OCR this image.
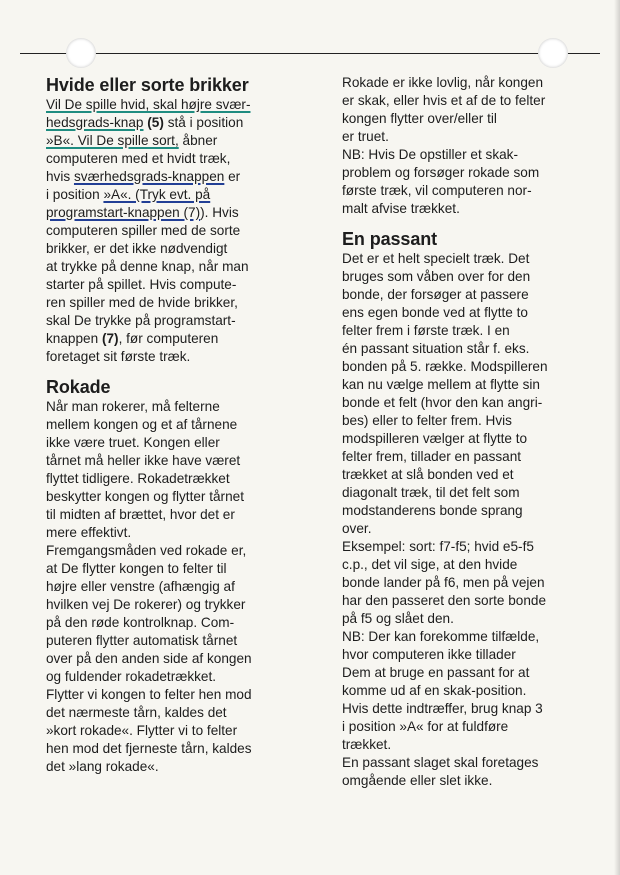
Hvide eller sorte brikker

Vil De spille hvid, skal højre svær-

hedsgrads-knap (5) stå i position

»B«. Vil De spille sort, åbner

computeren med et hvidt træk,

hvis sværhedsgrads-knappen er

i position »A«. (Tryk evt. på

programstart-knappen (7)). Hvis

computeren spiller med de sorte

brikker, er det ikke nødvendigt

at trykke på denne knap, når man

starter på spillet. Hvis compute-

ren spiller med de hvide brikker,

skal De trykke på programstart-

knappen (7), før computeren

foretaget sit første træk.

Rokade

Når man rokerer, må felterne

mellem kongen og et af tårnene

ikke være truet. Kongen eller

tårnet må heller ikke have været

flyttet tidligere. Rokadetrækket

beskytter kongen og flytter tårnet

til midten af brættet, hvor det er

mere effektivt.

Fremgangsmåden ved rokade er,

at De flytter kongen to felter til

højre eller venstre (afhængig af

hvilken vej De rokerer) og trykker

på den røde kontrolknap. Com-

puteren flytter automatisk tårnet

over på den anden side af kongen

og fuldender rokadetrækket.

Flytter vi kongen to felter hen mod

det nærmeste tårn, kaldes det

»kort rokade«. Flytter vi to felter

hen mod det fjerneste tårn, kaldes

det »lang rokade«.

Rokade er ikke lovlig, når kongen

er skak, eller hvis et af de to felter

kongen flytter over/eller til

er truet.

NB: Hvis De opstiller et skak-

problem og forsøger rokade som

første træk, vil computeren nor-

malt afvise trækket.

En passant

Det er et helt specielt træk. Det

bruges som våben over for den

bonde, der forsøger at passere

ens egen bonde ved at flytte to

felter frem i første træk. I en

én passant situation står f. eks.

bonden på 5. række. Modspilleren

kan nu vælge mellem at flytte sin

bonde et felt (hvor den kan angri-

bes) eller to felter frem. Hvis

modspilleren vælger at flytte to

felter frem, tillader en passant

trækket at slå bonden ved et

diagonalt træk, til det felt som

modstanderens bonde sprang

over.

Eksempel: sort: f7-f5; hvid e5-f5

c.p., det vil sige, at den hvide

bonde lander på f6, men på vejen

har den passeret den sorte bonde

på f5 og slået den.

NB: Der kan forekomme tilfælde,

hvor computeren ikke tillader

Dem at bruge en passant for at

komme ud af en skak-position.

Hvis dette indtræffer, brug knap 3

i position »A« for at fuldføre

trækket.

En passant slaget skal foretages

omgående eller slet ikke.
